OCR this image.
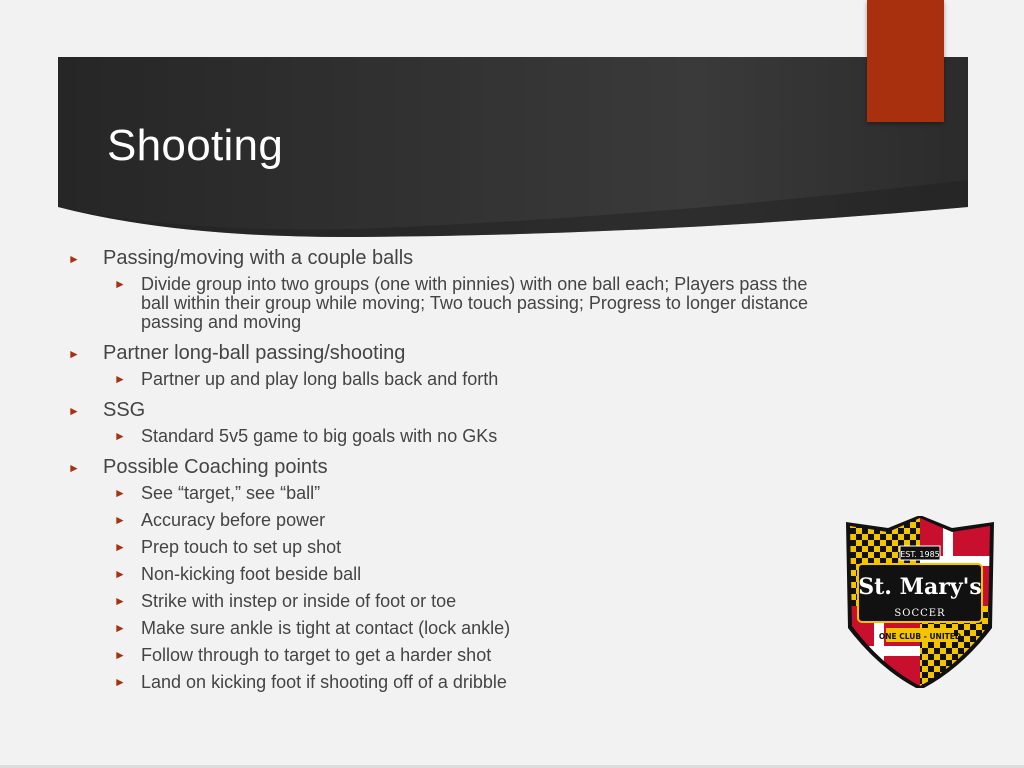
Shooting
► Passing/moving with a couple balls
► Divide group into two groups (one with pinnies) with one ball each; Players pass the ball within their group while moving; Two touch passing; Progress to longer distance passing and moving
► Partner long-ball passing/shooting
► Partner up and play long balls back and forth
► SSG
► Standard 5v5 game to big goals with no GKs
► Possible Coaching points
► See “target,” see “ball”
► Accuracy before power
► Prep touch to set up shot
► Non-kicking foot beside ball
► Strike with instep or inside of foot or toe
► Make sure ankle is tight at contact (lock ankle)
► Follow through to target to get a harder shot
► Land on kicking foot if shooting off of a dribble
EST. 1985
St. Mary's
SOCCER
ONE CLUB - UNITED
